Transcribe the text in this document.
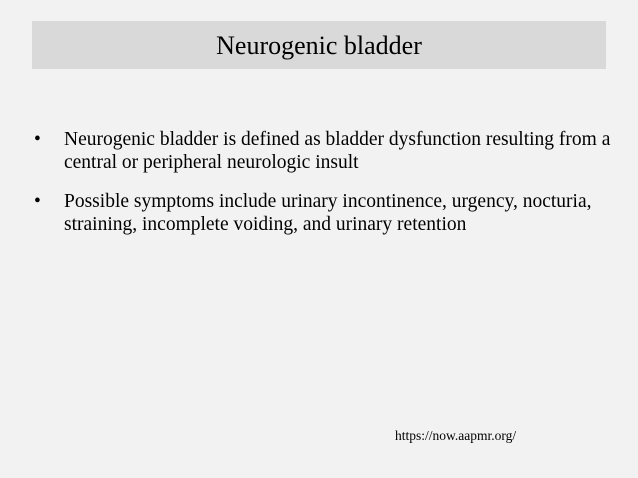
Neurogenic bladder
• Neurogenic bladder is defined as bladder dysfunction resulting from a central or peripheral neurologic insult
• Possible symptoms include urinary incontinence, urgency, nocturia, straining, incomplete voiding, and urinary retention
https://now.aapmr.org/
